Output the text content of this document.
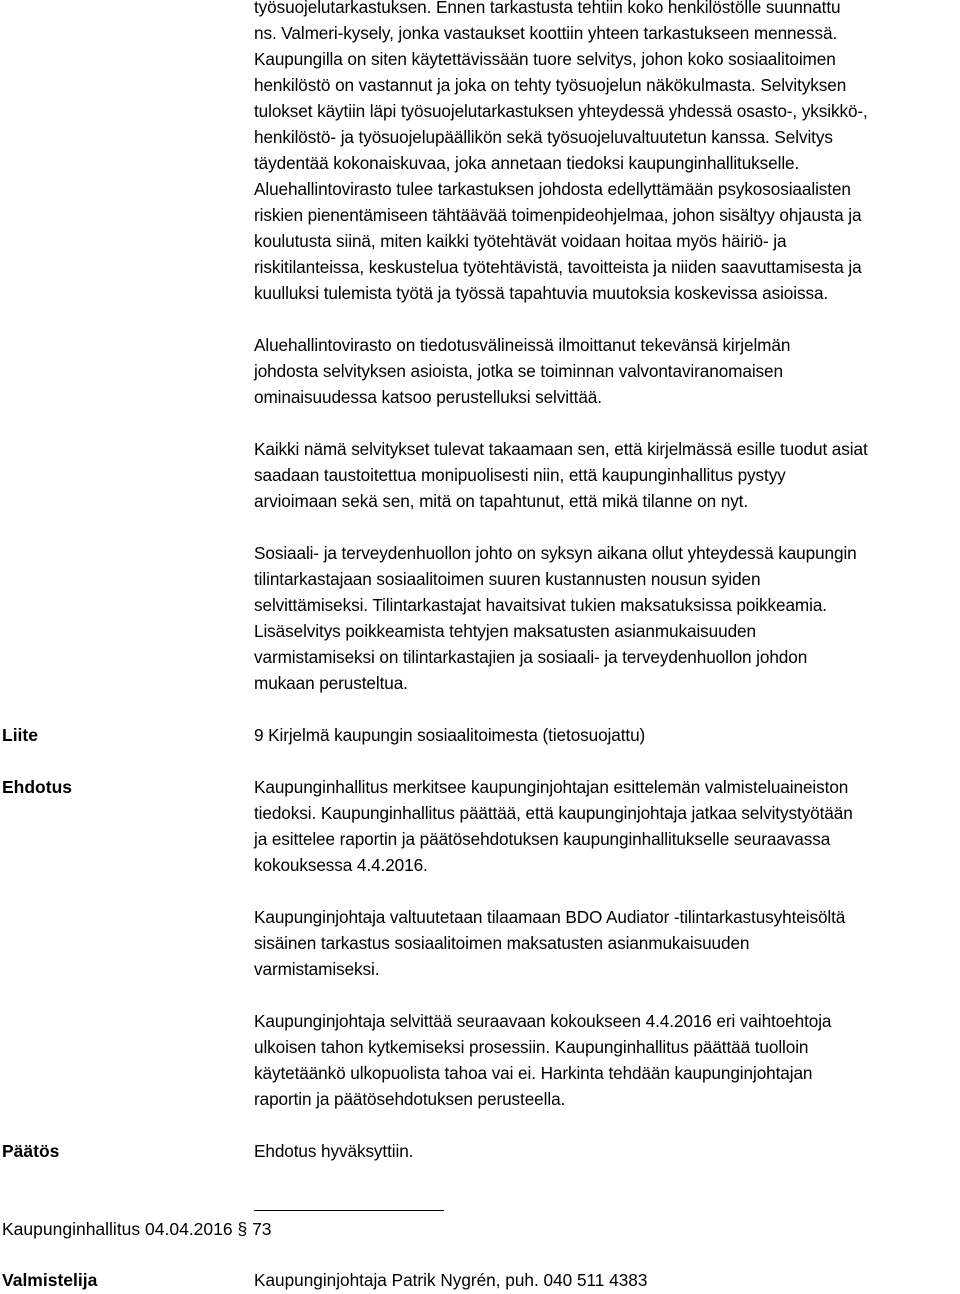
työsuojelutarkastuksen. Ennen tarkastusta tehtiin koko henkilöstölle suunnattu
ns. Valmeri-kysely, jonka vastaukset koottiin yhteen tarkastukseen mennessä.
Kaupungilla on siten käytettävissään tuore selvitys, johon koko sosiaalitoimen
henkilöstö on vastannut ja joka on tehty työsuojelun näkökulmasta. Selvityksen
tulokset käytiin läpi työsuojelutarkastuksen yhteydessä yhdessä osasto-, yksikkö-,
henkilöstö- ja työsuojelupäällikön sekä työsuojeluvaltuutetun kanssa. Selvitys
täydentää kokonaiskuvaa, joka annetaan tiedoksi kaupunginhallitukselle.
Aluehallintovirasto tulee tarkastuksen johdosta edellyttämään psykososiaalisten
riskien pienentämiseen tähtäävää toimenpideohjelmaa, johon sisältyy ohjausta ja
koulutusta siinä, miten kaikki työtehtävät voidaan hoitaa myös häiriö- ja
riskitilanteissa, keskustelua työtehtävistä, tavoitteista ja niiden saavuttamisesta ja
kuulluksi tulemista työtä ja työssä tapahtuvia muutoksia koskevissa asioissa.
Aluehallintovirasto on tiedotusvälineissä ilmoittanut tekevänsä kirjelmän
johdosta selvityksen asioista, jotka se toiminnan valvontaviranomaisen
ominaisuudessa katsoo perustelluksi selvittää.
Kaikki nämä selvitykset tulevat takaamaan sen, että kirjelmässä esille tuodut asiat
saadaan taustoitettua monipuolisesti niin, että kaupunginhallitus pystyy
arvioimaan sekä sen, mitä on tapahtunut, että mikä tilanne on nyt.
Sosiaali- ja terveydenhuollon johto on syksyn aikana ollut yhteydessä kaupungin
tilintarkastajaan sosiaalitoimen suuren kustannusten nousun syiden
selvittämiseksi. Tilintarkastajat havaitsivat tukien maksatuksissa poikkeamia.
Lisäselvitys poikkeamista tehtyjen maksatusten asianmukaisuuden
varmistamiseksi on tilintarkastajien ja sosiaali- ja terveydenhuollon johdon
mukaan perusteltua.
Liite	9 Kirjelmä kaupungin sosiaalitoimesta (tietosuojattu)
Ehdotus	Kaupunginhallitus merkitsee kaupunginjohtajan esittelemän valmisteluaineiston
tiedoksi. Kaupunginhallitus päättää, että kaupunginjohtaja jatkaa selvitystyötään
ja esittelee raportin ja päätösehdotuksen kaupunginhallitukselle seuraavassa
kokouksessa 4.4.2016.
Kaupunginjohtaja valtuutetaan tilaamaan BDO Audiator -tilintarkastusyhteisöltä
sisäinen tarkastus sosiaalitoimen maksatusten asianmukaisuuden
varmistamiseksi.
Kaupunginjohtaja selvittää seuraavaan kokoukseen 4.4.2016 eri vaihtoehtoja
ulkoisen tahon kytkemiseksi prosessiin. Kaupunginhallitus päättää tuolloin
käytetäänkö ulkopuolista tahoa vai ei. Harkinta tehdään kaupunginjohtajan
raportin ja päätösehdotuksen perusteella.
Päätös	Ehdotus hyväksyttiin.
Kaupunginhallitus 04.04.2016 § 73
Valmistelija	Kaupunginjohtaja Patrik Nygrén, puh. 040 511 4383
